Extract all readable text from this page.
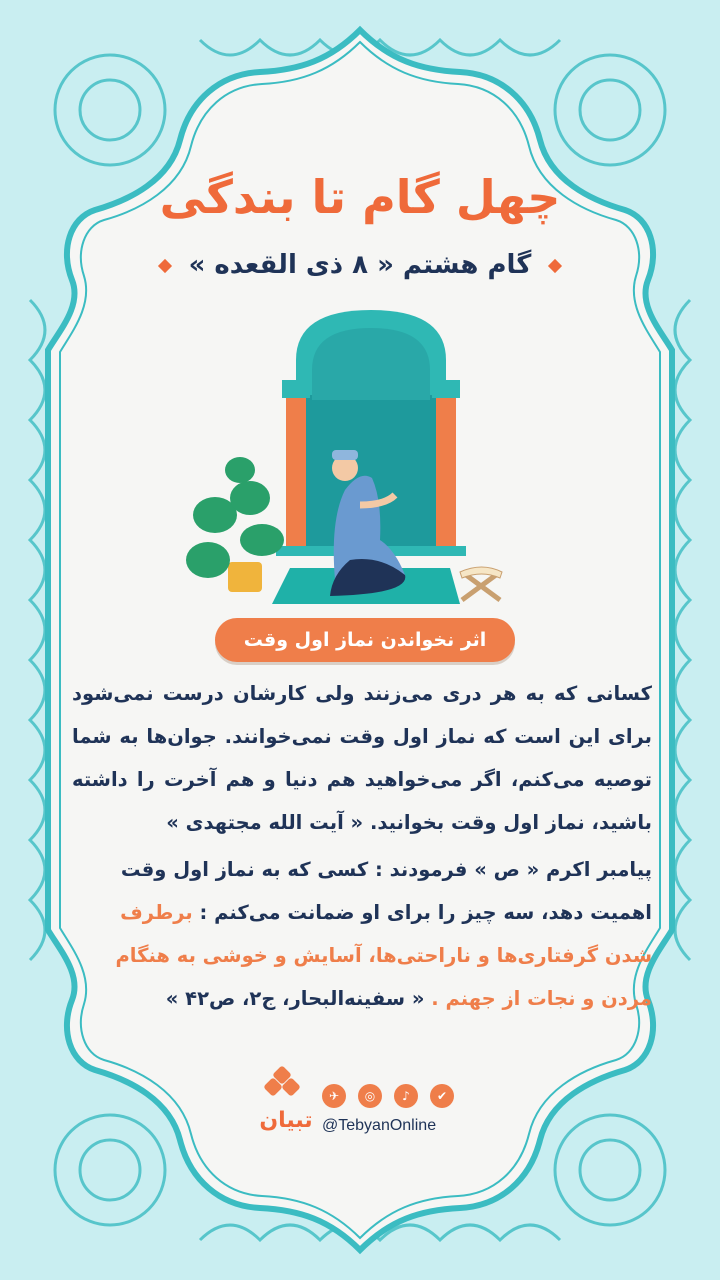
چهل گام تا بندگی
گام هشتم « ۸ ذی القعده »
اثر نخواندن نماز اول وقت
کسانی که به هر دری می‌زنند ولی کارشان درست نمی‌شود برای این است که نماز اول وقت نمی‌خوانند. جوان‌ها به شما توصیه می‌کنم، اگر می‌خواهید هم دنیا و هم آخرت را داشته باشید، نماز اول وقت بخوانید. « آیت الله مجتهدی »
پیامبر اکرم « ص » فرمودند : کسی که به نماز اول وقت اهمیت دهد، سه چیز را برای او ضمانت می‌کنم : برطرف شدن گرفتاری‌ها و ناراحتی‌ها، آسایش و خوشی به هنگام مردن و نجات از جهنم . « سفینه‌البحار، ج۲، ص۴۲ »
تبیان
✈	◎	♪	✔
@TebyanOnline
